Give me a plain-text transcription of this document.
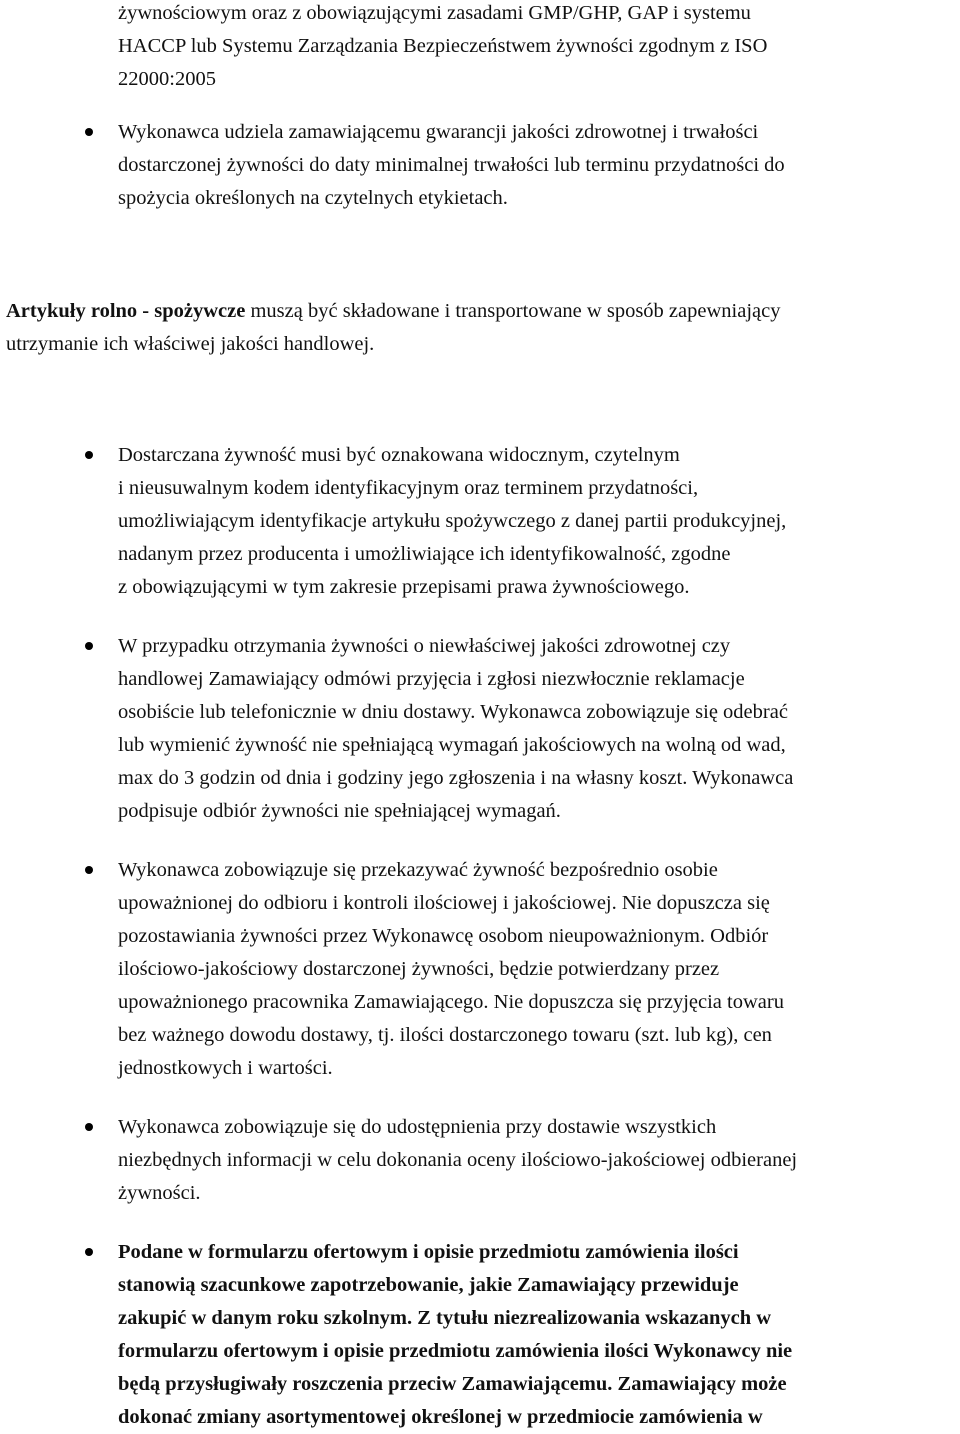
żywnościowym oraz z obowiązującymi zasadami GMP/GHP, GAP i systemu
HACCP lub Systemu Zarządzania Bezpieczeństwem żywności zgodnym z ISO
22000:2005
Wykonawca udziela zamawiającemu gwarancji jakości zdrowotnej i trwałości
dostarczonej żywności do daty minimalnej trwałości lub terminu przydatności do
spożycia określonych na czytelnych etykietach.
Artykuły rolno - spożywcze muszą być składowane i transportowane w sposób zapewniający
utrzymanie ich właściwej jakości handlowej.
Dostarczana żywność musi być oznakowana widocznym, czytelnym
i nieusuwalnym kodem identyfikacyjnym oraz terminem przydatności,
umożliwiającym identyfikacje artykułu spożywczego z danej partii produkcyjnej,
nadanym przez producenta i umożliwiające ich identyfikowalność, zgodne
z obowiązującymi w tym zakresie przepisami prawa żywnościowego.
W przypadku otrzymania żywności o niewłaściwej jakości zdrowotnej czy
handlowej Zamawiający odmówi przyjęcia i zgłosi niezwłocznie reklamacje
osobiście lub telefonicznie w dniu dostawy. Wykonawca zobowiązuje się odebrać
lub wymienić żywność nie spełniającą wymagań jakościowych na wolną od wad,
max do 3 godzin od dnia i godziny jego zgłoszenia i na własny koszt. Wykonawca
podpisuje odbiór żywności nie spełniającej wymagań.
Wykonawca zobowiązuje się przekazywać żywność bezpośrednio osobie
upoważnionej do odbioru i kontroli ilościowej i jakościowej. Nie dopuszcza się
pozostawiania żywności przez Wykonawcę osobom nieupoważnionym. Odbiór
ilościowo-jakościowy dostarczonej żywności, będzie potwierdzany przez
upoważnionego pracownika Zamawiającego. Nie dopuszcza się przyjęcia towaru
bez ważnego dowodu dostawy, tj. ilości dostarczonego towaru (szt. lub kg), cen
jednostkowych i wartości.
Wykonawca zobowiązuje się do udostępnienia przy dostawie wszystkich
niezbędnych informacji w celu dokonania oceny ilościowo-jakościowej odbieranej
żywności.
Podane w formularzu ofertowym i opisie przedmiotu zamówienia ilości
stanowią szacunkowe zapotrzebowanie, jakie Zamawiający przewiduje
zakupić w danym roku szkolnym. Z tytułu niezrealizowania wskazanych w
formularzu ofertowym i opisie przedmiotu zamówienia ilości Wykonawcy nie
będą przysługiwały roszczenia przeciw Zamawiającemu. Zamawiający może
dokonać zmiany asortymentowej określonej w przedmiocie zamówienia w
